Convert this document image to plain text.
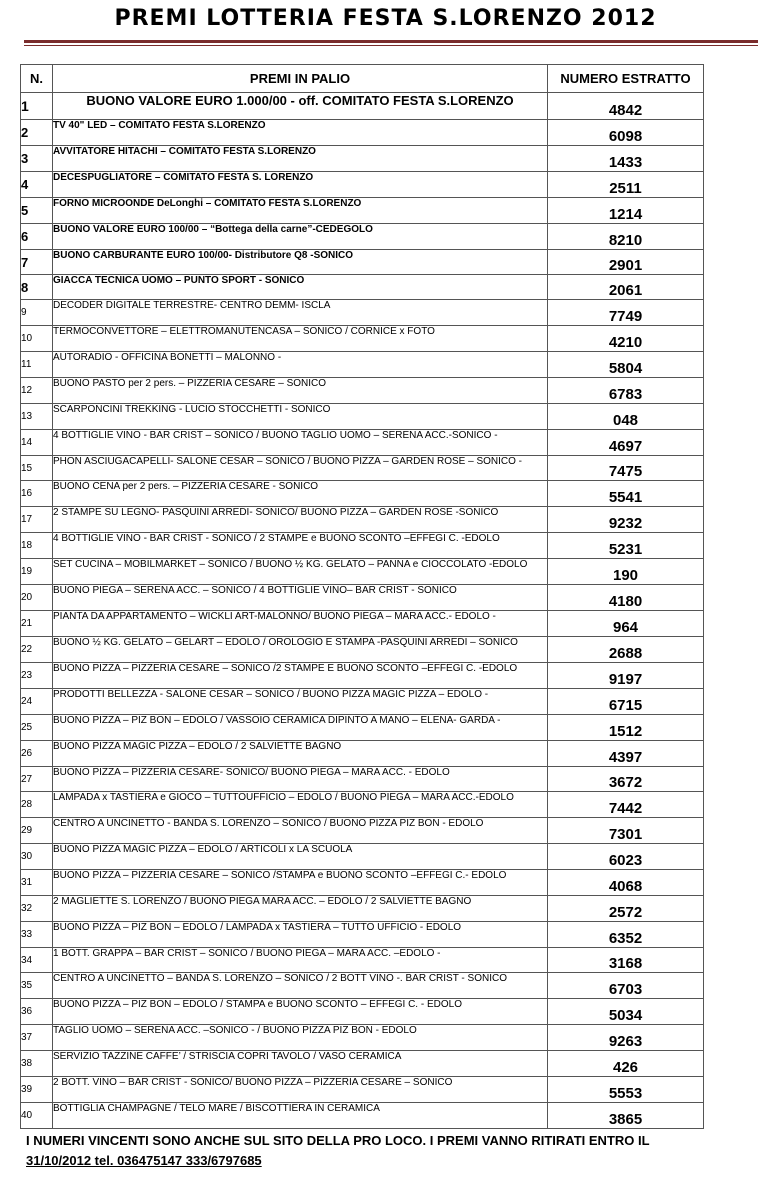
PREMI LOTTERIA FESTA S.LORENZO 2012
N.	PREMI IN PALIO	NUMERO ESTRATTO
1	BUONO VALORE EURO 1.000/00 - off. COMITATO FESTA S.LORENZO	4842
2	TV 40" LED – COMITATO FESTA S.LORENZO	6098
3	AVVITATORE HITACHI – COMITATO FESTA S.LORENZO	1433
4	DECESPUGLIATORE – COMITATO FESTA S. LORENZO	2511
5	FORNO MICROONDE DeLonghi – COMITATO FESTA S.LORENZO	1214
6	BUONO VALORE EURO 100/00 – “Bottega della carne”-CEDEGOLO	8210
7	BUONO CARBURANTE EURO 100/00- Distributore Q8 -SONICO	2901
8	GIACCA TECNICA UOMO – PUNTO SPORT - SONICO	2061
9	DECODER DIGITALE TERRESTRE- CENTRO DEMM- ISCLA	7749
10	TERMOCONVETTORE – ELETTROMANUTENCASA – SONICO / CORNICE x FOTO	4210
11	AUTORADIO - OFFICINA BONETTI – MALONNO -	5804
12	BUONO PASTO per 2 pers. – PIZZERIA CESARE – SONICO	6783
13	SCARPONCINI TREKKING - LUCIO STOCCHETTI - SONICO	048
14	4 BOTTIGLIE VINO - BAR CRIST – SONICO / BUONO TAGLIO UOMO – SERENA ACC.-SONICO -	4697
15	PHON ASCIUGACAPELLI- SALONE CESAR – SONICO / BUONO PIZZA – GARDEN ROSE – SONICO -	7475
16	BUONO CENA per 2 pers. – PIZZERIA CESARE - SONICO	5541
17	2 STAMPE SU LEGNO- PASQUINI ARREDI- SONICO/ BUONO PIZZA – GARDEN ROSE -SONICO	9232
18	4 BOTTIGLIE VINO - BAR CRIST - SONICO / 2 STAMPE e BUONO SCONTO –EFFEGI C. -EDOLO	5231
19	SET CUCINA – MOBILMARKET – SONICO / BUONO ½ KG. GELATO – PANNA e CIOCCOLATO -EDOLO	190
20	BUONO PIEGA – SERENA ACC. – SONICO / 4 BOTTIGLIE VINO– BAR CRIST - SONICO	4180
21	PIANTA DA APPARTAMENTO – WICKLI ART-MALONNO/ BUONO PIEGA – MARA ACC.- EDOLO -	964
22	BUONO ½ KG. GELATO – GELART – EDOLO / OROLOGIO E STAMPA -PASQUINI ARREDI – SONICO	2688
23	BUONO PIZZA – PIZZERIA CESARE – SONICO /2 STAMPE E BUONO SCONTO –EFFEGI C. -EDOLO	9197
24	PRODOTTI BELLEZZA - SALONE CESAR – SONICO / BUONO PIZZA MAGIC PIZZA – EDOLO -	6715
25	BUONO PIZZA – PIZ BON – EDOLO / VASSOIO CERAMICA DIPINTO A MANO – ELENA- GARDA -	1512
26	BUONO PIZZA MAGIC PIZZA – EDOLO / 2 SALVIETTE BAGNO	4397
27	BUONO PIZZA – PIZZERIA CESARE- SONICO/ BUONO PIEGA – MARA ACC. - EDOLO	3672
28	LAMPADA x TASTIERA e GIOCO – TUTTOUFFICIO – EDOLO / BUONO PIEGA – MARA ACC.-EDOLO	7442
29	CENTRO A UNCINETTO - BANDA S. LORENZO – SONICO / BUONO PIZZA PIZ BON - EDOLO	7301
30	BUONO PIZZA MAGIC PIZZA – EDOLO / ARTICOLI x LA SCUOLA	6023
31	BUONO PIZZA – PIZZERIA CESARE – SONICO /STAMPA e BUONO SCONTO –EFFEGI C.- EDOLO	4068
32	2 MAGLIETTE S. LORENZO / BUONO PIEGA MARA ACC. – EDOLO / 2 SALVIETTE BAGNO	2572
33	BUONO PIZZA – PIZ BON – EDOLO / LAMPADA x TASTIERA – TUTTO UFFICIO - EDOLO	6352
34	1 BOTT. GRAPPA – BAR CRIST – SONICO / BUONO PIEGA – MARA ACC. –EDOLO -	3168
35	CENTRO A UNCINETTO – BANDA S. LORENZO – SONICO / 2 BOTT VINO -. BAR CRIST - SONICO	6703
36	BUONO PIZZA – PIZ BON – EDOLO / STAMPA e BUONO SCONTO – EFFEGI C. - EDOLO	5034
37	TAGLIO UOMO – SERENA ACC. –SONICO - / BUONO PIZZA PIZ BON - EDOLO	9263
38	SERVIZIO TAZZINE CAFFE’ / STRISCIA COPRI TAVOLO / VASO CERAMICA	426
39	2 BOTT. VINO – BAR CRIST - SONICO/ BUONO PIZZA – PIZZERIA CESARE – SONICO	5553
40	BOTTIGLIA CHAMPAGNE / TELO MARE / BISCOTTIERA IN CERAMICA	3865
I NUMERI VINCENTI SONO ANCHE SUL SITO DELLA PRO LOCO. I PREMI VANNO RITIRATI ENTRO IL
31/10/2012 tel. 036475147 333/6797685
